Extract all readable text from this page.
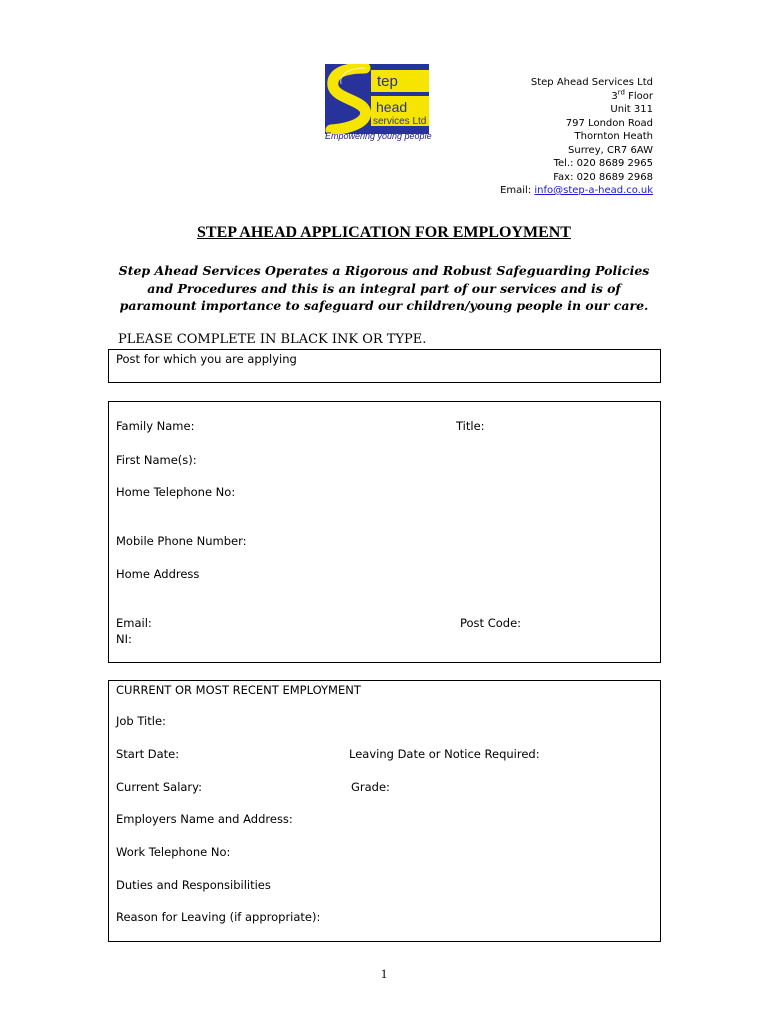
tep
head
services Ltd
Empowering young people
Step Ahead Services Ltd
3rd Floor
Unit 311
797 London Road
Thornton Heath
Surrey, CR7 6AW
Tel.: 020 8689 2965
Fax: 020 8689 2968
Email: info@step-a-head.co.uk
STEP AHEAD APPLICATION FOR EMPLOYMENT
Step Ahead Services Operates a Rigorous and Robust Safeguarding Policies
and Procedures and this is an integral part of our services and is of
paramount importance to safeguard our children/young people in our care.
PLEASE COMPLETE IN BLACK INK OR TYPE.
Post for which you are applying
Family Name:	Title:
First Name(s):
Home Telephone No:
Mobile Phone Number:
Home Address
Email:	Post Code:
NI:
CURRENT OR MOST RECENT EMPLOYMENT
Job Title:
Start Date:	Leaving Date or Notice Required:
Current Salary:	Grade:
Employers Name and Address:
Work Telephone No:
Duties and Responsibilities
Reason for Leaving (if appropriate):
1
